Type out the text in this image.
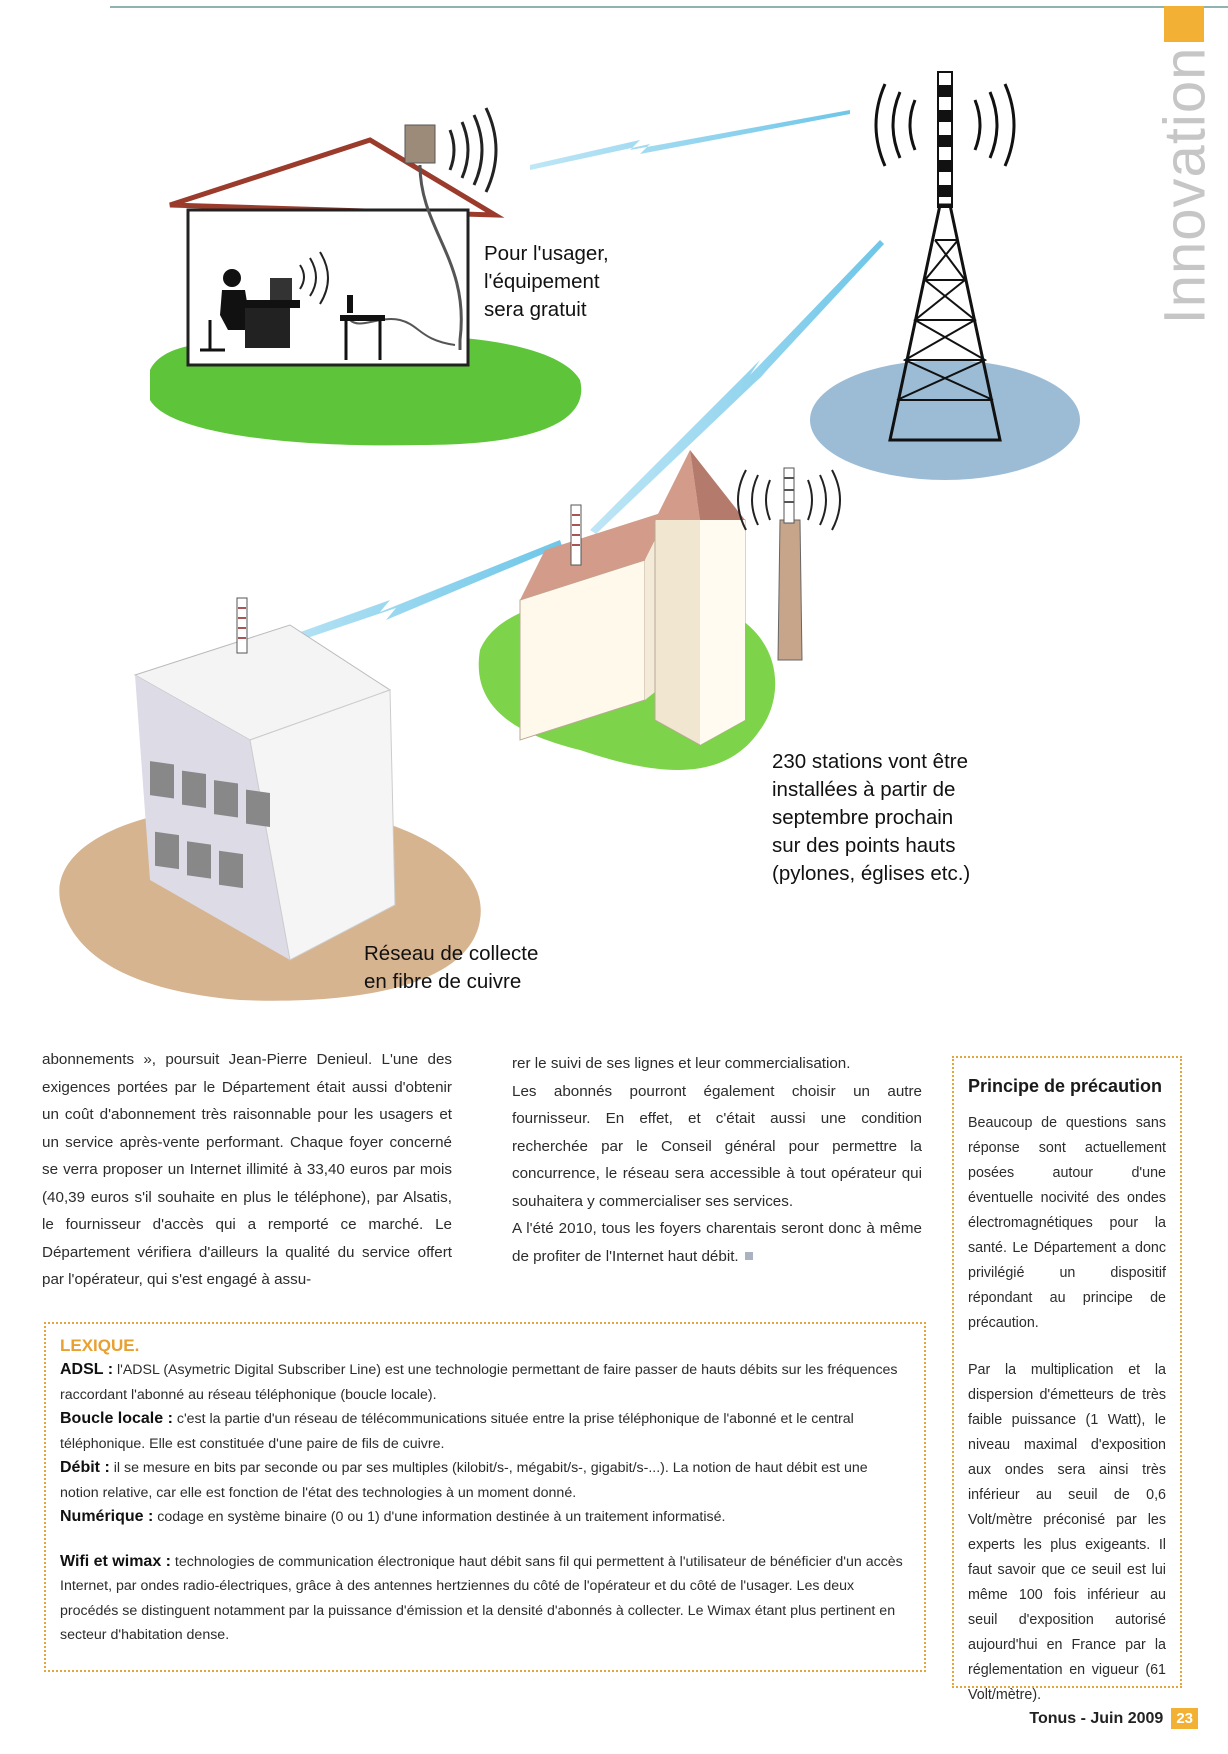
Innovation
Pour l'usager,
l'équipement
sera gratuit
230 stations vont être
installées à partir de
septembre prochain
sur des points hauts
(pylones, églises etc.)
Réseau de collecte
en fibre de cuivre

abonnements », poursuit Jean-Pierre Denieul. L'une des exigences portées par le Département était aussi d'obtenir un coût d'abonnement très raisonnable pour les usagers et un service après-vente performant. Chaque foyer concerné se verra proposer un Internet illimité à 33,40 euros par mois (40,39 euros s'il souhaite en plus le téléphone), par Alsatis, le fournisseur d'accès qui a remporté ce marché. Le Département vérifiera d'ailleurs la qualité du service offert par l'opérateur, qui s'est engagé à assu-

rer le suivi de ses lignes et leur commercialisation.

Les abonnés pourront également choisir un autre fournisseur. En effet, et c'était aussi une condition recherchée par le Conseil général pour permettre la concurrence, le réseau sera accessible à tout opérateur qui souhaitera y commercialiser ses services.

A l'été 2010, tous les foyers charentais seront donc à même de profiter de l'Internet haut débit.

Principe de précaution

Beaucoup de questions sans réponse sont actuellement posées autour d'une éventuelle nocivité des ondes électromagnétiques pour la santé. Le Département a donc privilégié un dispositif répondant au principe de précaution.

Par la multiplication et la dispersion d'émetteurs de très faible puissance (1 Watt), le niveau maximal d'exposition aux ondes sera ainsi très inférieur au seuil de 0,6 Volt/mètre préconisé par les experts les plus exigeants. Il faut savoir que ce seuil est lui même 100 fois inférieur au seuil d'exposition autorisé aujourd'hui en France par la réglementation en vigueur (61 Volt/mètre).

LEXIQUE.
ADSL : l'ADSL (Asymetric Digital Subscriber Line) est une technologie permettant de faire passer de hauts débits sur les fréquences raccordant l'abonné au réseau téléphonique (boucle locale).
Boucle locale : c'est la partie d'un réseau de télécommunications située entre la prise téléphonique de l'abonné et le central téléphonique. Elle est constituée d'une paire de fils de cuivre.
Débit : il se mesure en bits par seconde ou par ses multiples (kilobit/s-, mégabit/s-, gigabit/s-...). La notion de haut débit est une notion relative, car elle est fonction de l'état des technologies à un moment donné.
Numérique : codage en système binaire (0 ou 1) d'une information destinée à un traitement informatisé.
Wifi et wimax : technologies de communication électronique haut débit sans fil qui permettent à l'utilisateur de bénéficier d'un accès Internet, par ondes radio-électriques, grâce à des antennes hertziennes du côté de l'opérateur et du côté de l'usager. Les deux procédés se distinguent notamment par la puissance d'émission et la densité d'abonnés à collecter. Le Wimax étant plus pertinent en secteur d'habitation dense.
Tonus - Juin 2009 23
